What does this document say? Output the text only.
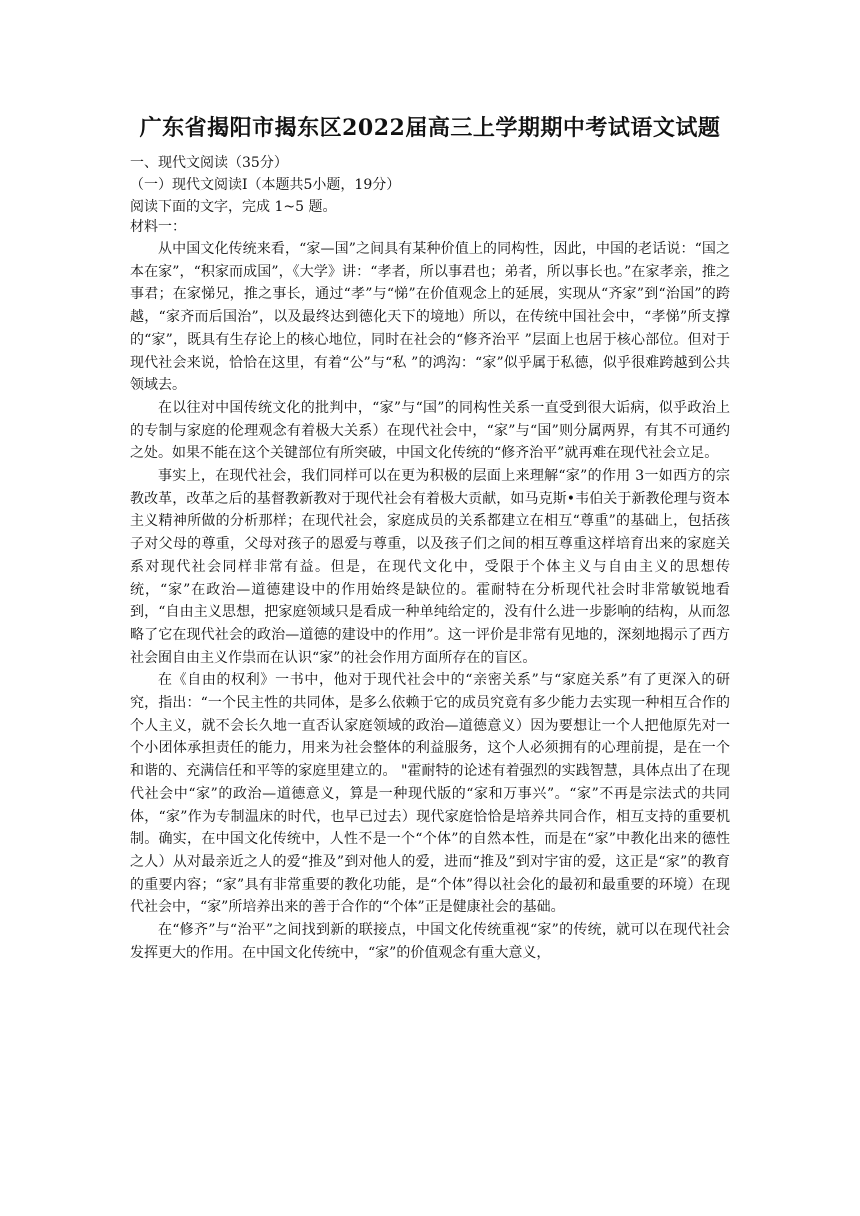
广东省揭阳市揭东区2022届高三上学期期中考试语文试题
一、现代文阅读（35分）
（一）现代文阅读Ⅰ（本题共5小题，19分）
阅读下面的文字，完成 1~5 题。
材料一：

从中国文化传统来看，“家—国”之间具有某种价值上的同构性，因此，中国的老话说：“国之本在家”，“积家而成国”，《大学》讲：“孝者，所以事君也；弟者，所以事长也。”在家孝亲，推之事君；在家悌兄，推之事长，通过“孝”与“悌”在价值观念上的延展，实现从“齐家”到“治国”的跨越，“家齐而后国治”，以及最终达到德化天下的境地）所以，在传统中国社会中，“孝悌”所支撑的“家”，既具有生存论上的核心地位，同时在社会的“修齐治平 ”层面上也居于核心部位。但对于现代社会来说，恰恰在这里，有着“公”与“私 ”的鸿沟：“家”似乎属于私德，似乎很难跨越到公共领域去。

在以往对中国传统文化的批判中，“家”与“国”的同构性关系一直受到很大诟病，似乎政治上的专制与家庭的伦理观念有着极大关系）在现代社会中，“家”与“国”则分属两界，有其不可通约之处。如果不能在这个关键部位有所突破，中国文化传统的“修齐治平”就再难在现代社会立足。

事实上，在现代社会，我们同样可以在更为积极的层面上来理解“家”的作用 3一如西方的宗教改革，改革之后的基督教新教对于现代社会有着极大贡献，如马克斯•韦伯关于新教伦理与资本主义精神所做的分析那样；在现代社会，家庭成员的关系都建立在相互“尊重”的基础上，包括孩子对父母的尊重，父母对孩子的恩爱与尊重，以及孩子们之间的相互尊重这样培育出来的家庭关系对现代社会同样非常有益。但是，在现代文化中，受限于个体主义与自由主义的思想传统，“家”在政治—道德建设中的作用始终是缺位的。霍耐特在分析现代社会时非常敏锐地看到，“自由主义思想，把家庭领域只是看成一种单纯给定的，没有什么进一步影响的结构，从而忽略了它在现代社会的政治—道德的建设中的作用”。这一评价是非常有见地的，深刻地揭示了西方社会囿自由主义作祟而在认识“家”的社会作用方面所存在的盲区。

在《自由的权利》一书中，他对于现代社会中的“亲密关系”与“家庭关系”有了更深入的研究，指出：“一个民主性的共同体，是多么依赖于它的成员究竟有多少能力去实现一种相互合作的个人主义，就不会长久地一直否认家庭领域的政治—道德意义）因为要想让一个人把他原先对一个小团体承担责任的能力，用来为社会整体的利益服务，这个人必须拥有的心理前提，是在一个和谐的、充满信任和平等的家庭里建立的。 "霍耐特的论述有着强烈的实践智慧，具体点出了在现代社会中“家”的政治—道德意义，算是一种现代版的“家和万事兴”。“家”不再是宗法式的共同体，“家”作为专制温床的时代，也早已过去）现代家庭恰恰是培养共同合作，相互支持的重要机制。确实，在中国文化传统中，人性不是一个“个体”的自然本性，而是在“家”中教化出来的德性之人）从对最亲近之人的爱“推及”到对他人的爱，进而“推及”到对宇宙的爱，这正是“家”的教育的重要内容；“家”具有非常重要的教化功能，是“个体”得以社会化的最初和最重要的环境）在现代社会中，“家”所培养出来的善于合作的“个体”正是健康社会的基础。

在“修齐”与“治平”之间找到新的联接点，中国文化传统重视“家”的传统，就可以在现代社会发挥更大的作用。在中国文化传统中，“家”的价值观念有重大意义，
